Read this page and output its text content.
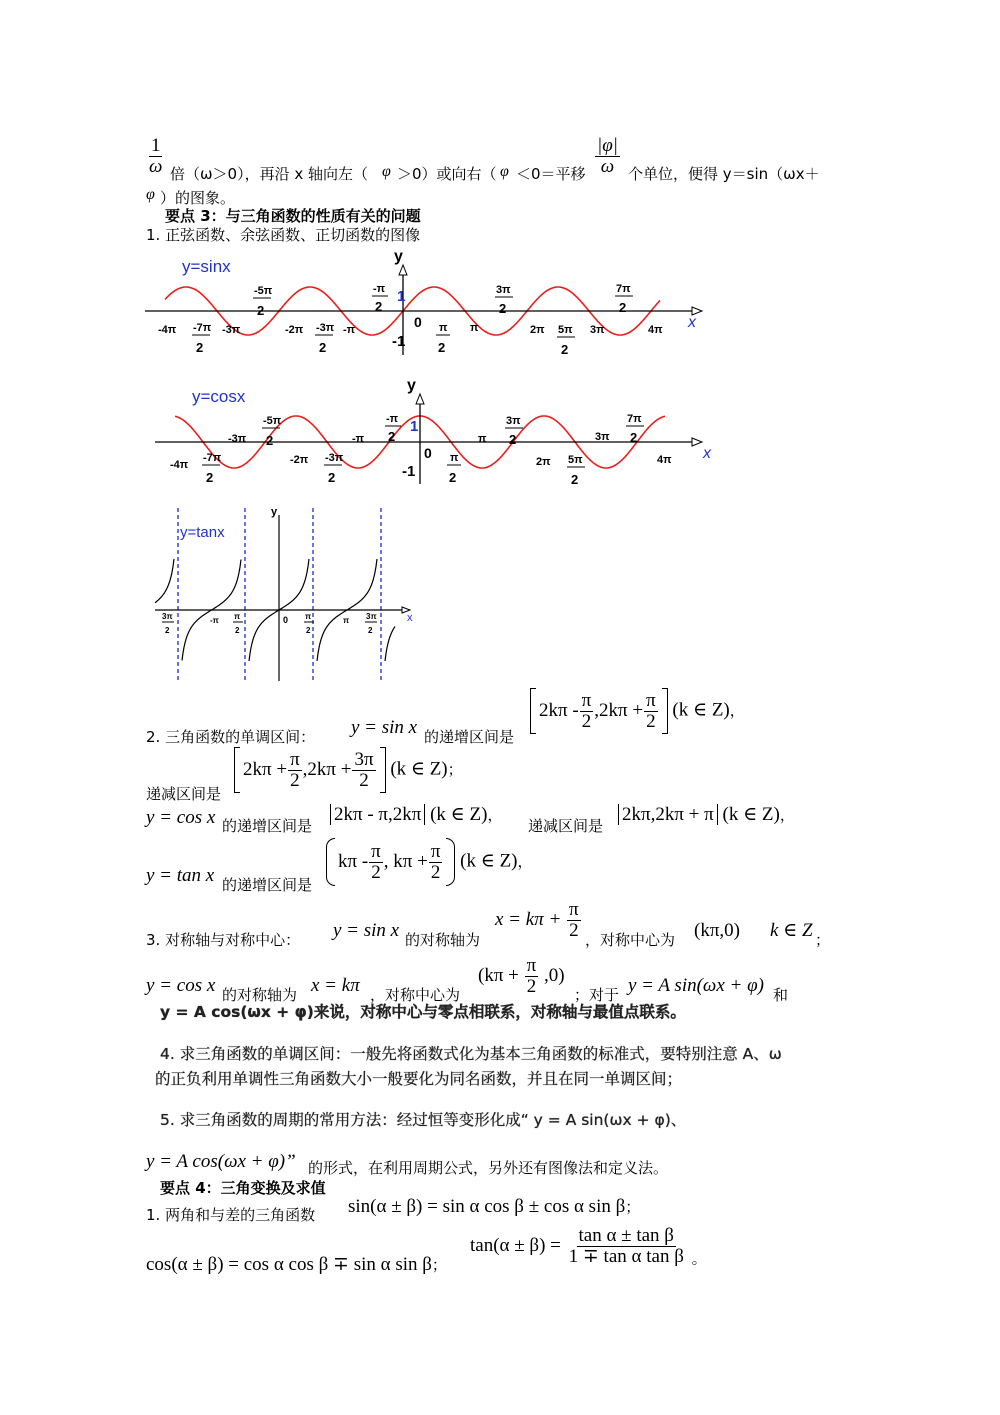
$\frac{1}{\omega}$ 倍（ω＞0），再沿 x 轴向左（ φ ＞0）或向右（ φ ＜0＝平移 $\frac{|\varphi|}{\omega}$ 个单位，便得 y＝sin（ωx＋
φ ）的图象。
要点 3：与三角函数的性质有关的问题
1. 正弦函数、余弦函数、正切函数的图像
y=sinx
y
x
1
-1
0
-4π	-3π	-2π	-π	π	2π	3π	4π
-7π
2
-5π
2
-3π
2
-π
2
π
2
3π
2
5π
2
7π
2
y=cosx
y
x
1
-1
0
-4π
-3π
-2π
-π	π
2π
3π
4π
-7π
2
-5π
2
-3π
2
-π
2
π
2
3π
2
5π
2
7π
2
y=tanx
y
x
0
3π
2
-π π
2
π
2
π 3π
2
2. 三角函数的单调区间： y = sin x 的递增区间是
$2k\pi - \frac{\pi}{2} ,2k\pi + \frac{\pi}{2} (k$ ∈ Z)，
$2k\pi + \frac{\pi}{2} ,2k\pi + \frac{3\pi}{2} (k$ ∈ Z)；
递减区间是
y = cos x 的递增区间是
2kπ - π,2kπ (k ∈ Z)，
递减区间是
2kπ,2kπ + π (k ∈ Z)，
y = tan x 的递增区间是
kπ - $\frac{\pi}{2}$ , $k\pi + \frac{\pi}{2} (k$ ∈ Z)，
3. 对称轴与对称中心： y = sin x 的对称轴为
$x = k\pi + \frac{\pi}{2}$ ，对称中心为 (kπ,0) k ∈ Z ；
y = cos x 的对称轴为 x = kπ ，对称中心为
$(k\pi + \frac{\pi}{2} ,0)$
；对于 y = A sin(ωx + φ) 和
y = A cos(ωx + φ)来说，对称中心与零点相联系，对称轴与最值点联系。
4. 求三角函数的单调区间：一般先将函数式化为基本三角函数的标准式，要特别注意 A、ω
的正负利用单调性三角函数大小一般要化为同名函数，并且在同一单调区间；
5. 求三角函数的周期的常用方法：经过恒等变形化成“ y = A sin(ωx + φ)、
y = A cos(ωx + φ)” 的形式，在利用周期公式，另外还有图像法和定义法。
要点 4：三角变换及求值
1. 两角和与差的三角函数 sin(α ± β) = sin α cos β ± cos α sin β；
cos(α ± β) = cos α cos β ∓ sin α sin β；
$\tan(\alpha \pm \beta) = \frac{\text{tan α ± tan β}}{\text{1 ∓ tan α tan β}}$ 。
